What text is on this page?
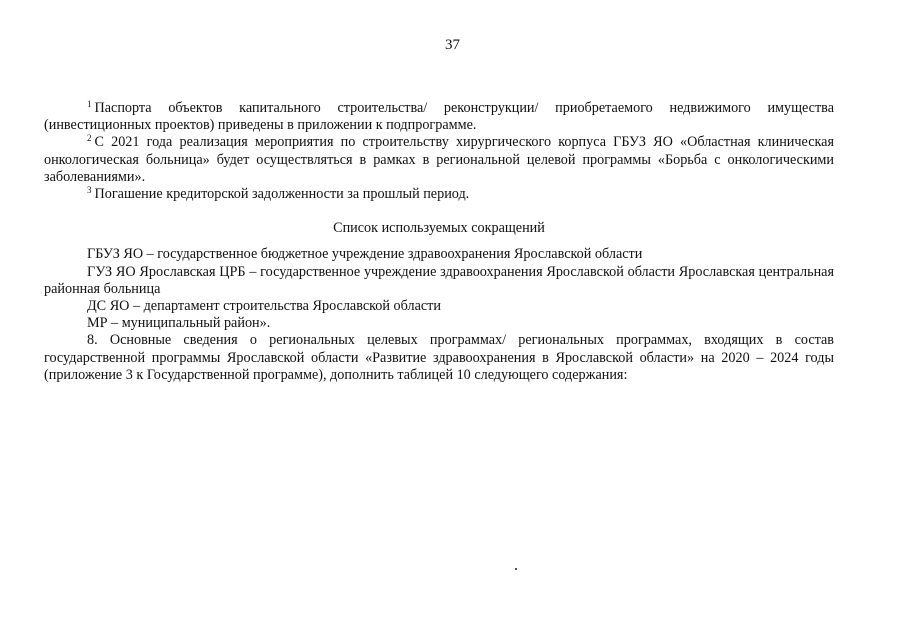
37

$^1$ Паспорта объектов капитального строительства/ реконструкции/ приобретаемого недвижимого имущества (инвестиционных проектов) приведены в приложении к подпрограмме.

$^2$ С 2021 года реализация мероприятия по строительству хирургического корпуса ГБУЗ ЯО «Областная клиническая онкологическая больница» будет осуществляться в рамках в региональной целевой программы «Борьба с онкологическими заболеваниями».

$^3$ Погашение кредиторской задолженности за прошлый период.

Список используемых сокращений

ГБУЗ ЯО – государственное бюджетное учреждение здравоохранения Ярославской области

ГУЗ ЯО Ярославская ЦРБ – государственное учреждение здравоохранения Ярославской области Ярославская центральная районная больница

ДС ЯО – департамент строительства Ярославской области

МР – муниципальный район».

8. Основные сведения о региональных целевых программах/ региональных программах, входящих в состав государственной программы Ярославской области «Развитие здравоохранения в Ярославской области» на 2020 – 2024 годы (приложение 3 к Государственной программе), дополнить таблицей 10 следующего содержания:
